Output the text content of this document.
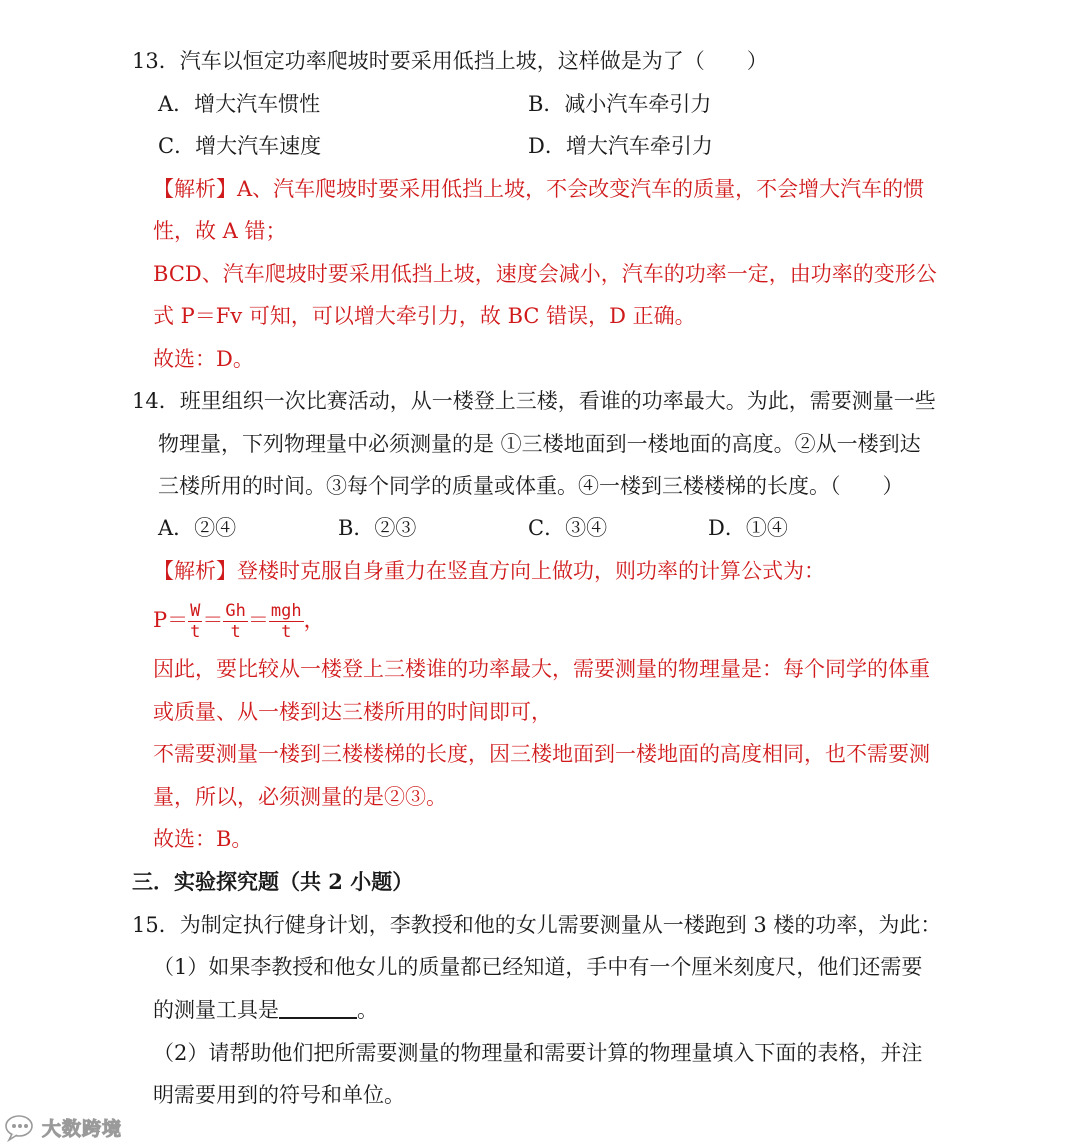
13．汽车以恒定功率爬坡时要采用低挡上坡，这样做是为了（　　）
A．增大汽车惯性	B．减小汽车牵引力
C．增大汽车速度	D．增大汽车牵引力
【解析】A、汽车爬坡时要采用低挡上坡，不会改变汽车的质量，不会增大汽车的惯
性，故 A 错；
BCD、汽车爬坡时要采用低挡上坡，速度会减小，汽车的功率一定，由功率的变形公
式 P＝Fv 可知，可以增大牵引力，故 BC 错误，D 正确。
故选：D。
14．班里组织一次比赛活动，从一楼登上三楼，看谁的功率最大。为此，需要测量一些
物理量，下列物理量中必须测量的是 ①三楼地面到一楼地面的高度。②从一楼到达
三楼所用的时间。③每个同学的质量或体重。④一楼到三楼楼梯的长度。（　　）
A．②④	B．②③	C．③④	D．①④
【解析】登楼时克服自身重力在竖直方向上做功，则功率的计算公式为：
$P= \frac{W}{t} = \frac{Gh}{t} = \frac{\text{mgh}}{t}$ ，
因此，要比较从一楼登上三楼谁的功率最大，需要测量的物理量是：每个同学的体重
或质量、从一楼到达三楼所用的时间即可，
不需要测量一楼到三楼楼梯的长度，因三楼地面到一楼地面的高度相同，也不需要测
量，所以，必须测量的是②③。
故选：B。
三．实验探究题（共 2 小题）
15．为制定执行健身计划，李教授和他的女儿需要测量从一楼跑到 3 楼的功率，为此：
（1）如果李教授和他女儿的质量都已经知道，手中有一个厘米刻度尺，他们还需要
的测量工具是	。
（2）请帮助他们把所需要测量的物理量和需要计算的物理量填入下面的表格，并注
明需要用到的符号和单位。
大数跨境
